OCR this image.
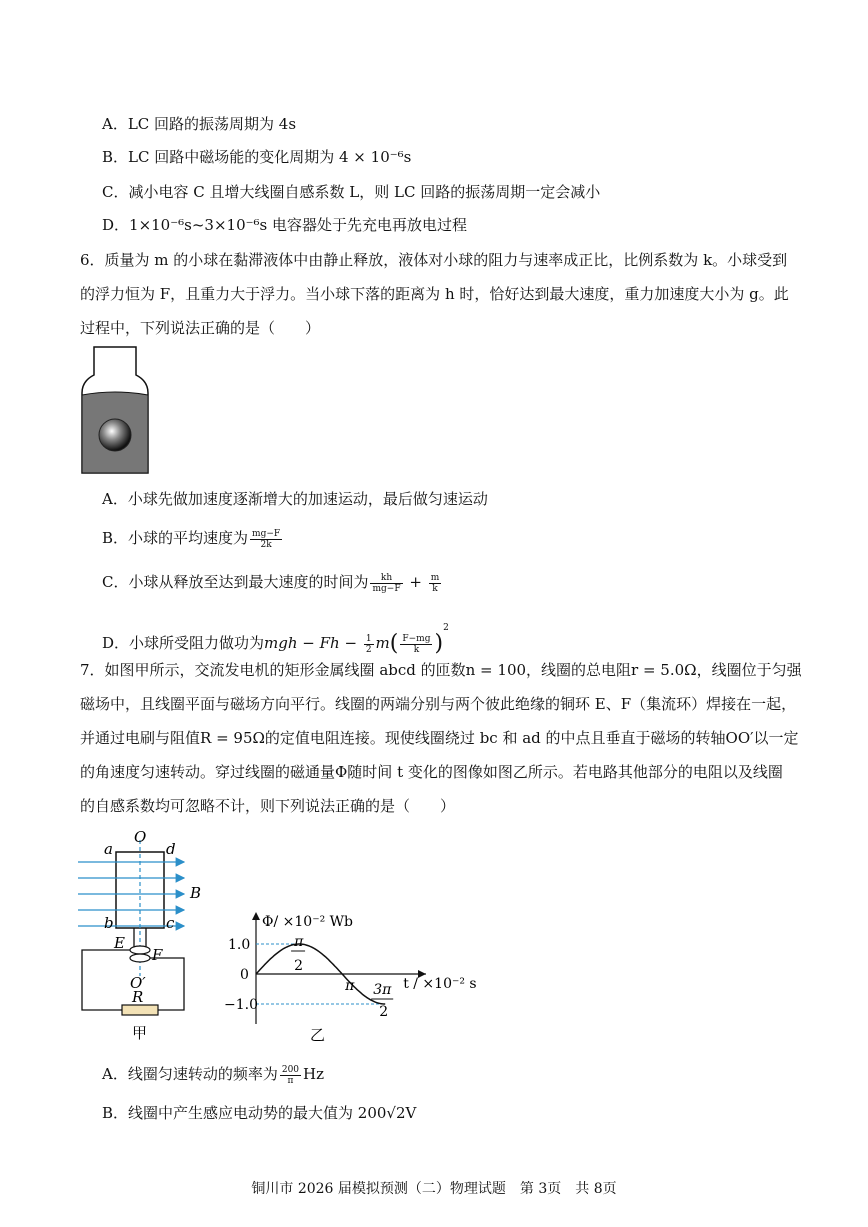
A．LC 回路的振荡周期为 4s
B．LC 回路中磁场能的变化周期为 4 × 10⁻⁶s
C．减小电容 C 且增大线圈自感系数 L，则 LC 回路的振荡周期一定会减小
D．1×10⁻⁶s~3×10⁻⁶s 电容器处于先充电再放电过程
6．质量为 m 的小球在黏滞液体中由静止释放，液体对小球的阻力与速率成正比，比例系数为 k。小球受到
的浮力恒为 F，且重力大于浮力。当小球下落的距离为 h 时，恰好达到最大速度，重力加速度大小为 g。此
过程中，下列说法正确的是（　　）
A．小球先做加速度逐渐增大的加速运动，最后做匀速运动
B．小球的平均速度为 $\frac{mg-F}{2k}$
C．小球从释放至达到最大速度的时间为 $\frac{kh}{mg-F} + \frac{m}{k}$
D．小球所受阻力做功为mgh − $Fh - \frac{1}{2} m( \frac{F-mg}{k} )^2$
7．如图甲所示，交流发电机的矩形金属线圈 abcd 的匝数n = 100，线圈的总电阻r = 5.0Ω，线圈位于匀强
磁场中，且线圈平面与磁场方向平行。线圈的两端分别与两个彼此绝缘的铜环 E、F（集流环）焊接在一起，
并通过电刷与阻值R = 95Ω的定值电阻连接。现使线圈绕过 bc 和 ad 的中点且垂直于磁场的转轴OO′以一定
的角速度匀速转动。穿过线圈的磁通量Φ随时间 t 变化的图像如图乙所示。若电路其他部分的电阻以及线圈
的自感系数均可忽略不计，则下列说法正确的是（　　）
O
a	d
B
b	c
E
F
O′
R
甲
Φ/ ×10⁻² Wb
1.0
0
−1.0
π
2
π 3π
2
t / ×10⁻² s
乙
A．线圈匀速转动的频率为 $\frac{200}{\pi}$ Hz
B．线圈中产生感应电动势的最大值为 200√2V
铜川市 2026 届模拟预测（二）物理试题　第 3页　共 8页
